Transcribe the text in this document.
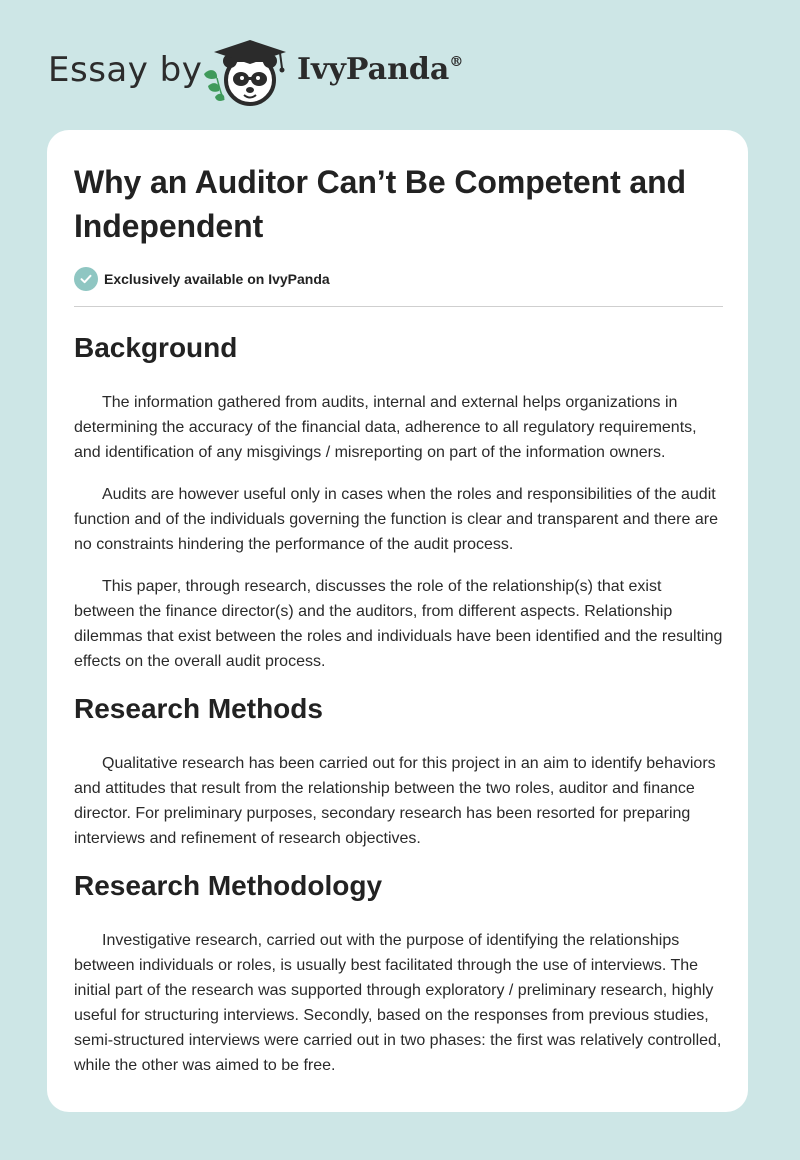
Essay by	IvyPanda®
Why an Auditor Can’t Be Competent and Independent
Exclusively available on IvyPanda
Background

The information gathered from audits, internal and external helps organizations in determining the accuracy of the financial data, adherence to all regulatory requirements, and identification of any misgivings / misreporting on part of the information owners.

Audits are however useful only in cases when the roles and responsibilities of the audit function and of the individuals governing the function is clear and transparent and there are no constraints hindering the performance of the audit process.

This paper, through research, discusses the role of the relationship(s) that exist between the finance director(s) and the auditors, from different aspects. Relationship dilemmas that exist between the roles and individuals have been identified and the resulting effects on the overall audit process.

Research Methods

Qualitative research has been carried out for this project in an aim to identify behaviors and attitudes that result from the relationship between the two roles, auditor and finance director. For preliminary purposes, secondary research has been resorted for preparing interviews and refinement of research objectives.

Research Methodology

Investigative research, carried out with the purpose of identifying the relationships between individuals or roles, is usually best facilitated through the use of interviews. The initial part of the research was supported through exploratory / preliminary research, highly useful for structuring interviews. Secondly, based on the responses from previous studies, semi-structured interviews were carried out in two phases: the first was relatively controlled, while the other was aimed to be free.
